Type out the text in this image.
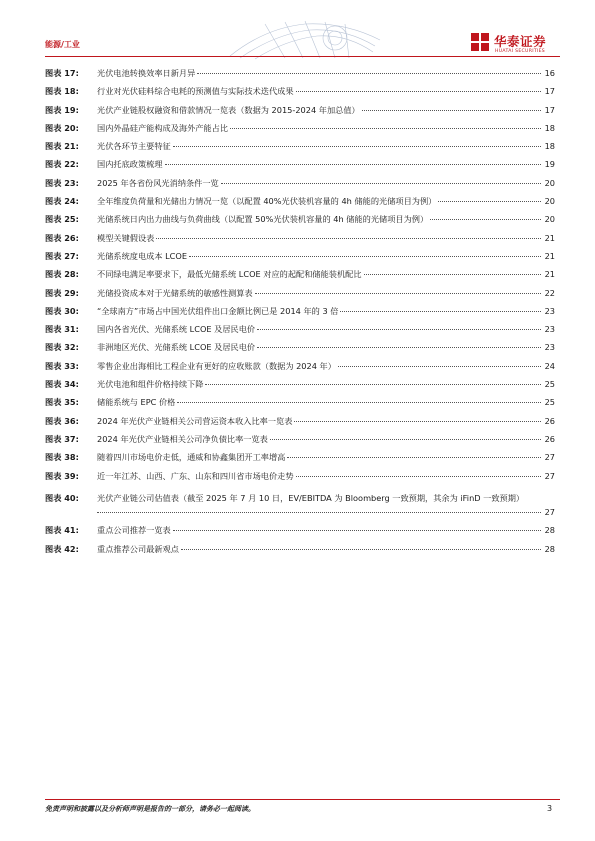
能源/工业	华泰证券
HUATAI SECURITIES
图表 17:	光伏电池转换效率日新月异	16
图表 18:	行业对光伏硅料综合电耗的预测值与实际技术迭代成果	17
图表 19:	光伏产业链股权融资和借款情况一览表（数据为 2015-2024 年加总值）	17
图表 20:	国内外晶硅产能构成及海外产能占比	18
图表 21:	光伏各环节主要特征	18
图表 22:	国内托底政策梳理	19
图表 23:	2025 年各省份风光消纳条件一览	20
图表 24:	全年维度负荷量和光储出力情况一览（以配置 40%光伏装机容量的 4h 储能的光储项目为例）	20
图表 25:	光储系统日内出力曲线与负荷曲线（以配置 50%光伏装机容量的 4h 储能的光储项目为例）	20
图表 26:	模型关键假设表	21
图表 27:	光储系统度电成本 LCOE	21
图表 28:	不同绿电满足率要求下，最低光储系统 LCOE 对应的起配和储能装机配比	21
图表 29:	光储投资成本对于光储系统的敏感性测算表	22
图表 30:	“全球南方”市场占中国光伏组件出口金额比例已是 2014 年的 3 倍	23
图表 31:	国内各省光伏、光储系统 LCOE 及居民电价	23
图表 32:	非洲地区光伏、光储系统 LCOE 及居民电价	23
图表 33:	零售企业出海相比工程企业有更好的应收账款（数据为 2024 年）	24
图表 34:	光伏电池和组件价格持续下降	25
图表 35:	储能系统与 EPC 价格	25
图表 36:	2024 年光伏产业链相关公司营运资本收入比率一览表	26
图表 37:	2024 年光伏产业链相关公司净负债比率一览表	26
图表 38:	随着四川市场电价走低，通威和协鑫集团开工率增高	27
图表 39:	近一年江苏、山西、广东、山东和四川省市场电价走势	27
图表 40:	光伏产业链公司估值表（截至 2025 年 7 月 10 日，EV/EBITDA 为 Bloomberg 一致预期，其余为 iFinD 一致预期）
27
图表 41:	重点公司推荐一览表	28
图表 42:	重点推荐公司最新观点	28
免责声明和披露以及分析师声明是报告的一部分，请务必一起阅读。	3
